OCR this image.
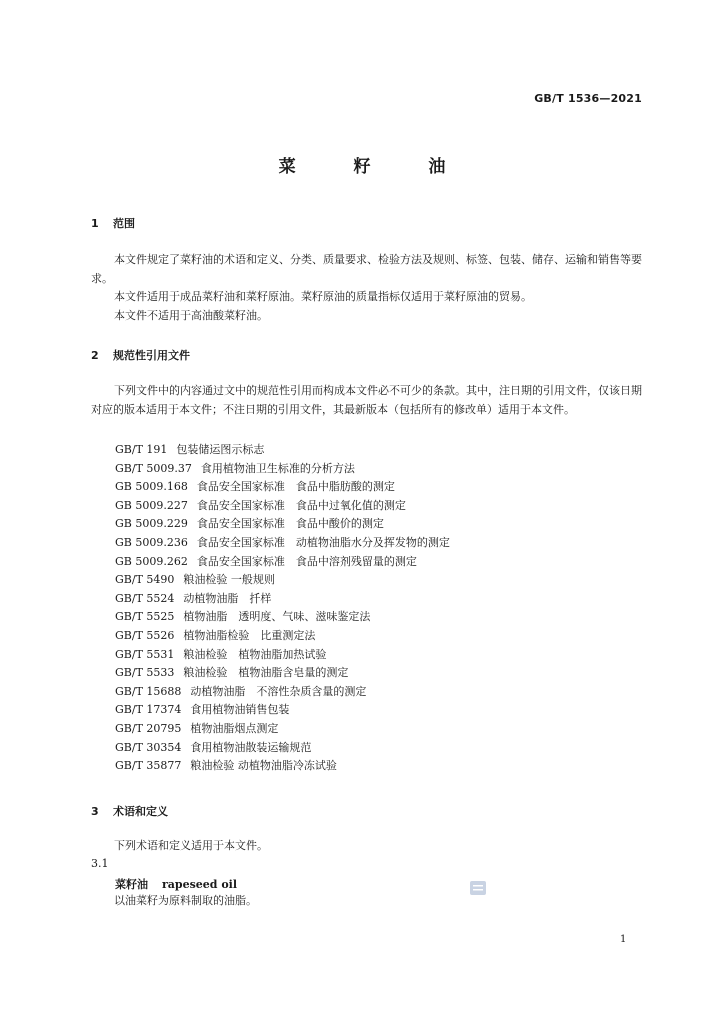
GB/T 1536—2021
菜 籽 油
1 范围
本文件规定了菜籽油的术语和定义、分类、质量要求、检验方法及规则、标签、包装、储存、运输和销售等要求。
本文件适用于成品菜籽油和菜籽原油。菜籽原油的质量指标仅适用于菜籽原油的贸易。
本文件不适用于高油酸菜籽油。
2 规范性引用文件
下列文件中的内容通过文中的规范性引用而构成本文件必不可少的条款。其中，注日期的引用文件，仅该日期对应的版本适用于本文件；不注日期的引用文件，其最新版本（包括所有的修改单）适用于本文件。
GB/T 191 包装储运图示标志
GB/T 5009.37 食用植物油卫生标准的分析方法
GB 5009.168 食品安全国家标准　食品中脂肪酸的测定
GB 5009.227 食品安全国家标准　食品中过氧化值的测定
GB 5009.229 食品安全国家标准　食品中酸价的测定
GB 5009.236 食品安全国家标准　动植物油脂水分及挥发物的测定
GB 5009.262 食品安全国家标准　食品中溶剂残留量的测定
GB/T 5490 粮油检验 一般规则
GB/T 5524 动植物油脂　扦样
GB/T 5525 植物油脂　透明度、气味、滋味鉴定法
GB/T 5526 植物油脂检验　比重测定法
GB/T 5531 粮油检验　植物油脂加热试验
GB/T 5533 粮油检验　植物油脂含皂量的测定
GB/T 15688 动植物油脂　不溶性杂质含量的测定
GB/T 17374 食用植物油销售包装
GB/T 20795 植物油脂烟点测定
GB/T 30354 食用植物油散装运输规范
GB/T 35877 粮油检验 动植物油脂冷冻试验
3 术语和定义
下列术语和定义适用于本文件。
3.1
菜籽油 rapeseed oil
以油菜籽为原料制取的油脂。
1
